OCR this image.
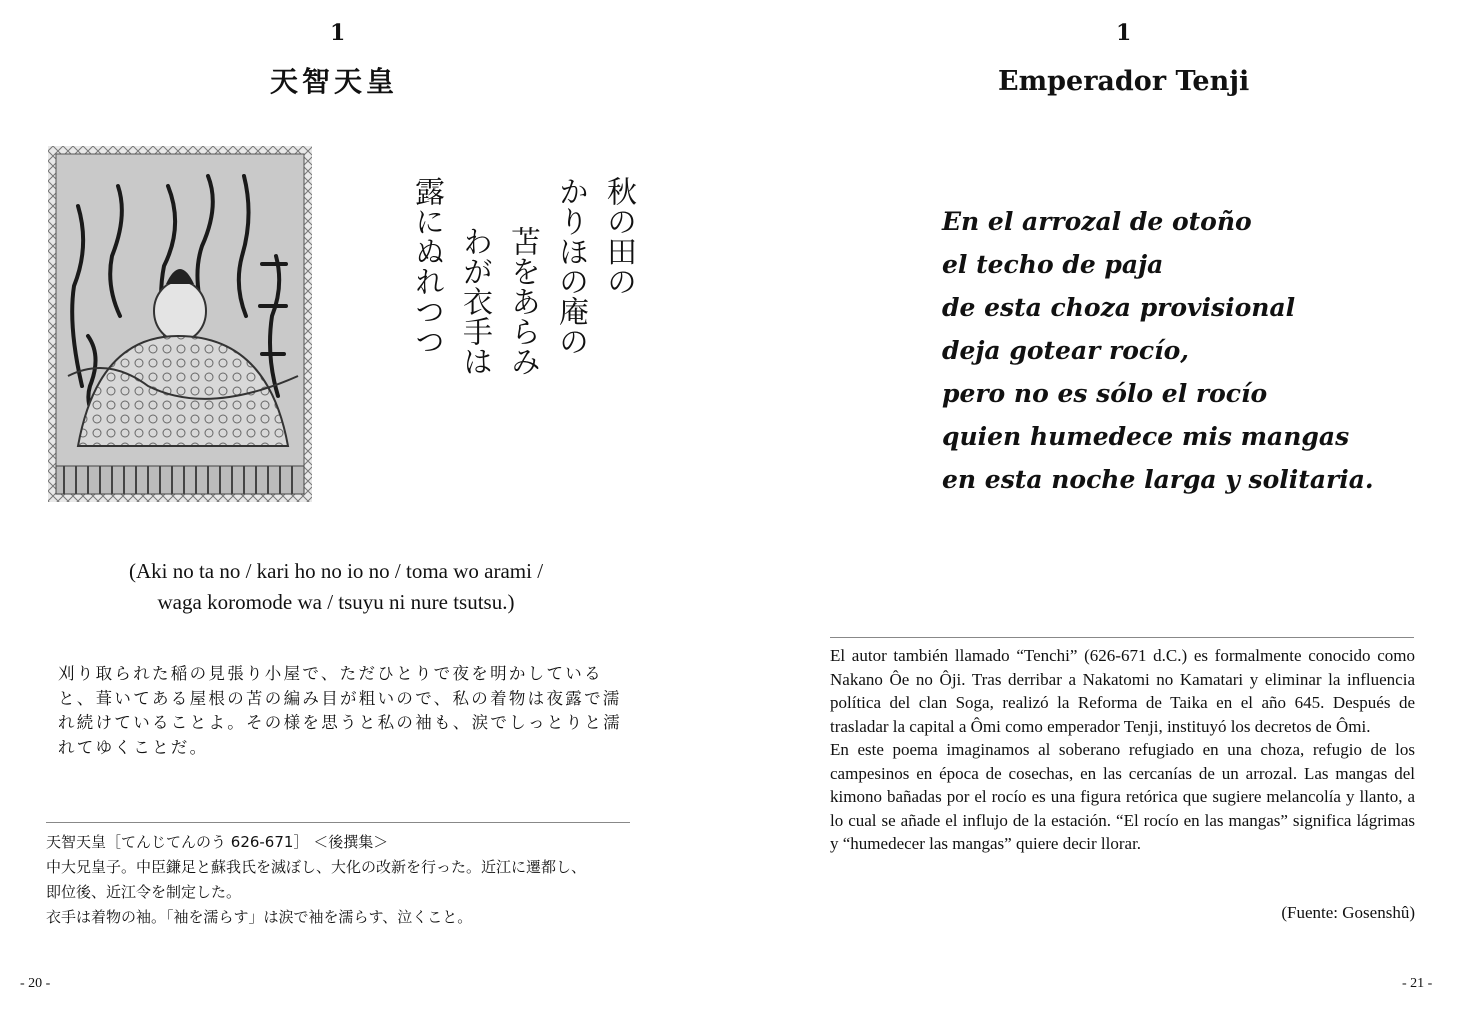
1
天智天皇
秋の田の
かりほの庵の
苫をあらみ
わが衣手は
露にぬれつつ
(Aki no ta no / kari ho no io no / toma wo arami /
waga koromode wa / tsuyu ni nure tsutsu.)
刈り取られた稲の見張り小屋で、ただひとりで夜を明かしていると、葺いてある屋根の苫の編み目が粗いので、私の着物は夜露で濡れ続けていることよ。その様を思うと私の袖も、涙でしっとりと濡れてゆくことだ。

天智天皇［てんじてんのう 626-671］ ＜後撰集＞

中大兄皇子。中臣鎌足と蘇我氏を滅ぼし、大化の改新を行った。近江に遷都し、

即位後、近江令を制定した。

衣手は着物の袖。「袖を濡らす」は涙で袖を濡らす、泣くこと。

- 20 -
1
Emperador Tenji
En el arrozal de otoño
el techo de paja
de esta choza provisional
deja gotear rocío,
pero no es sólo el rocío
quien humedece mis mangas
en esta noche larga y solitaria.

El autor también llamado “Tenchi” (626-671 d.C.) es formalmente conocido como Nakano Ôe no Ôji. Tras derribar a Nakatomi no Kamatari y eliminar la influencia política del clan Soga, realizó la Reforma de Taika en el año 645. Después de trasladar la capital a Ômi como emperador Tenji, instituyó los decretos de Ômi.

En este poema imaginamos al soberano refugiado en una choza, refugio de los campesinos en época de cosechas, en las cercanías de un arrozal. Las mangas del kimono bañadas por el rocío es una figura retórica que sugiere melancolía y llanto, a lo cual se añade el influjo de la estación. “El rocío en las mangas” significa lágrimas y “humedecer las mangas” quiere decir llorar.

(Fuente: Gosenshû)
- 21 -
